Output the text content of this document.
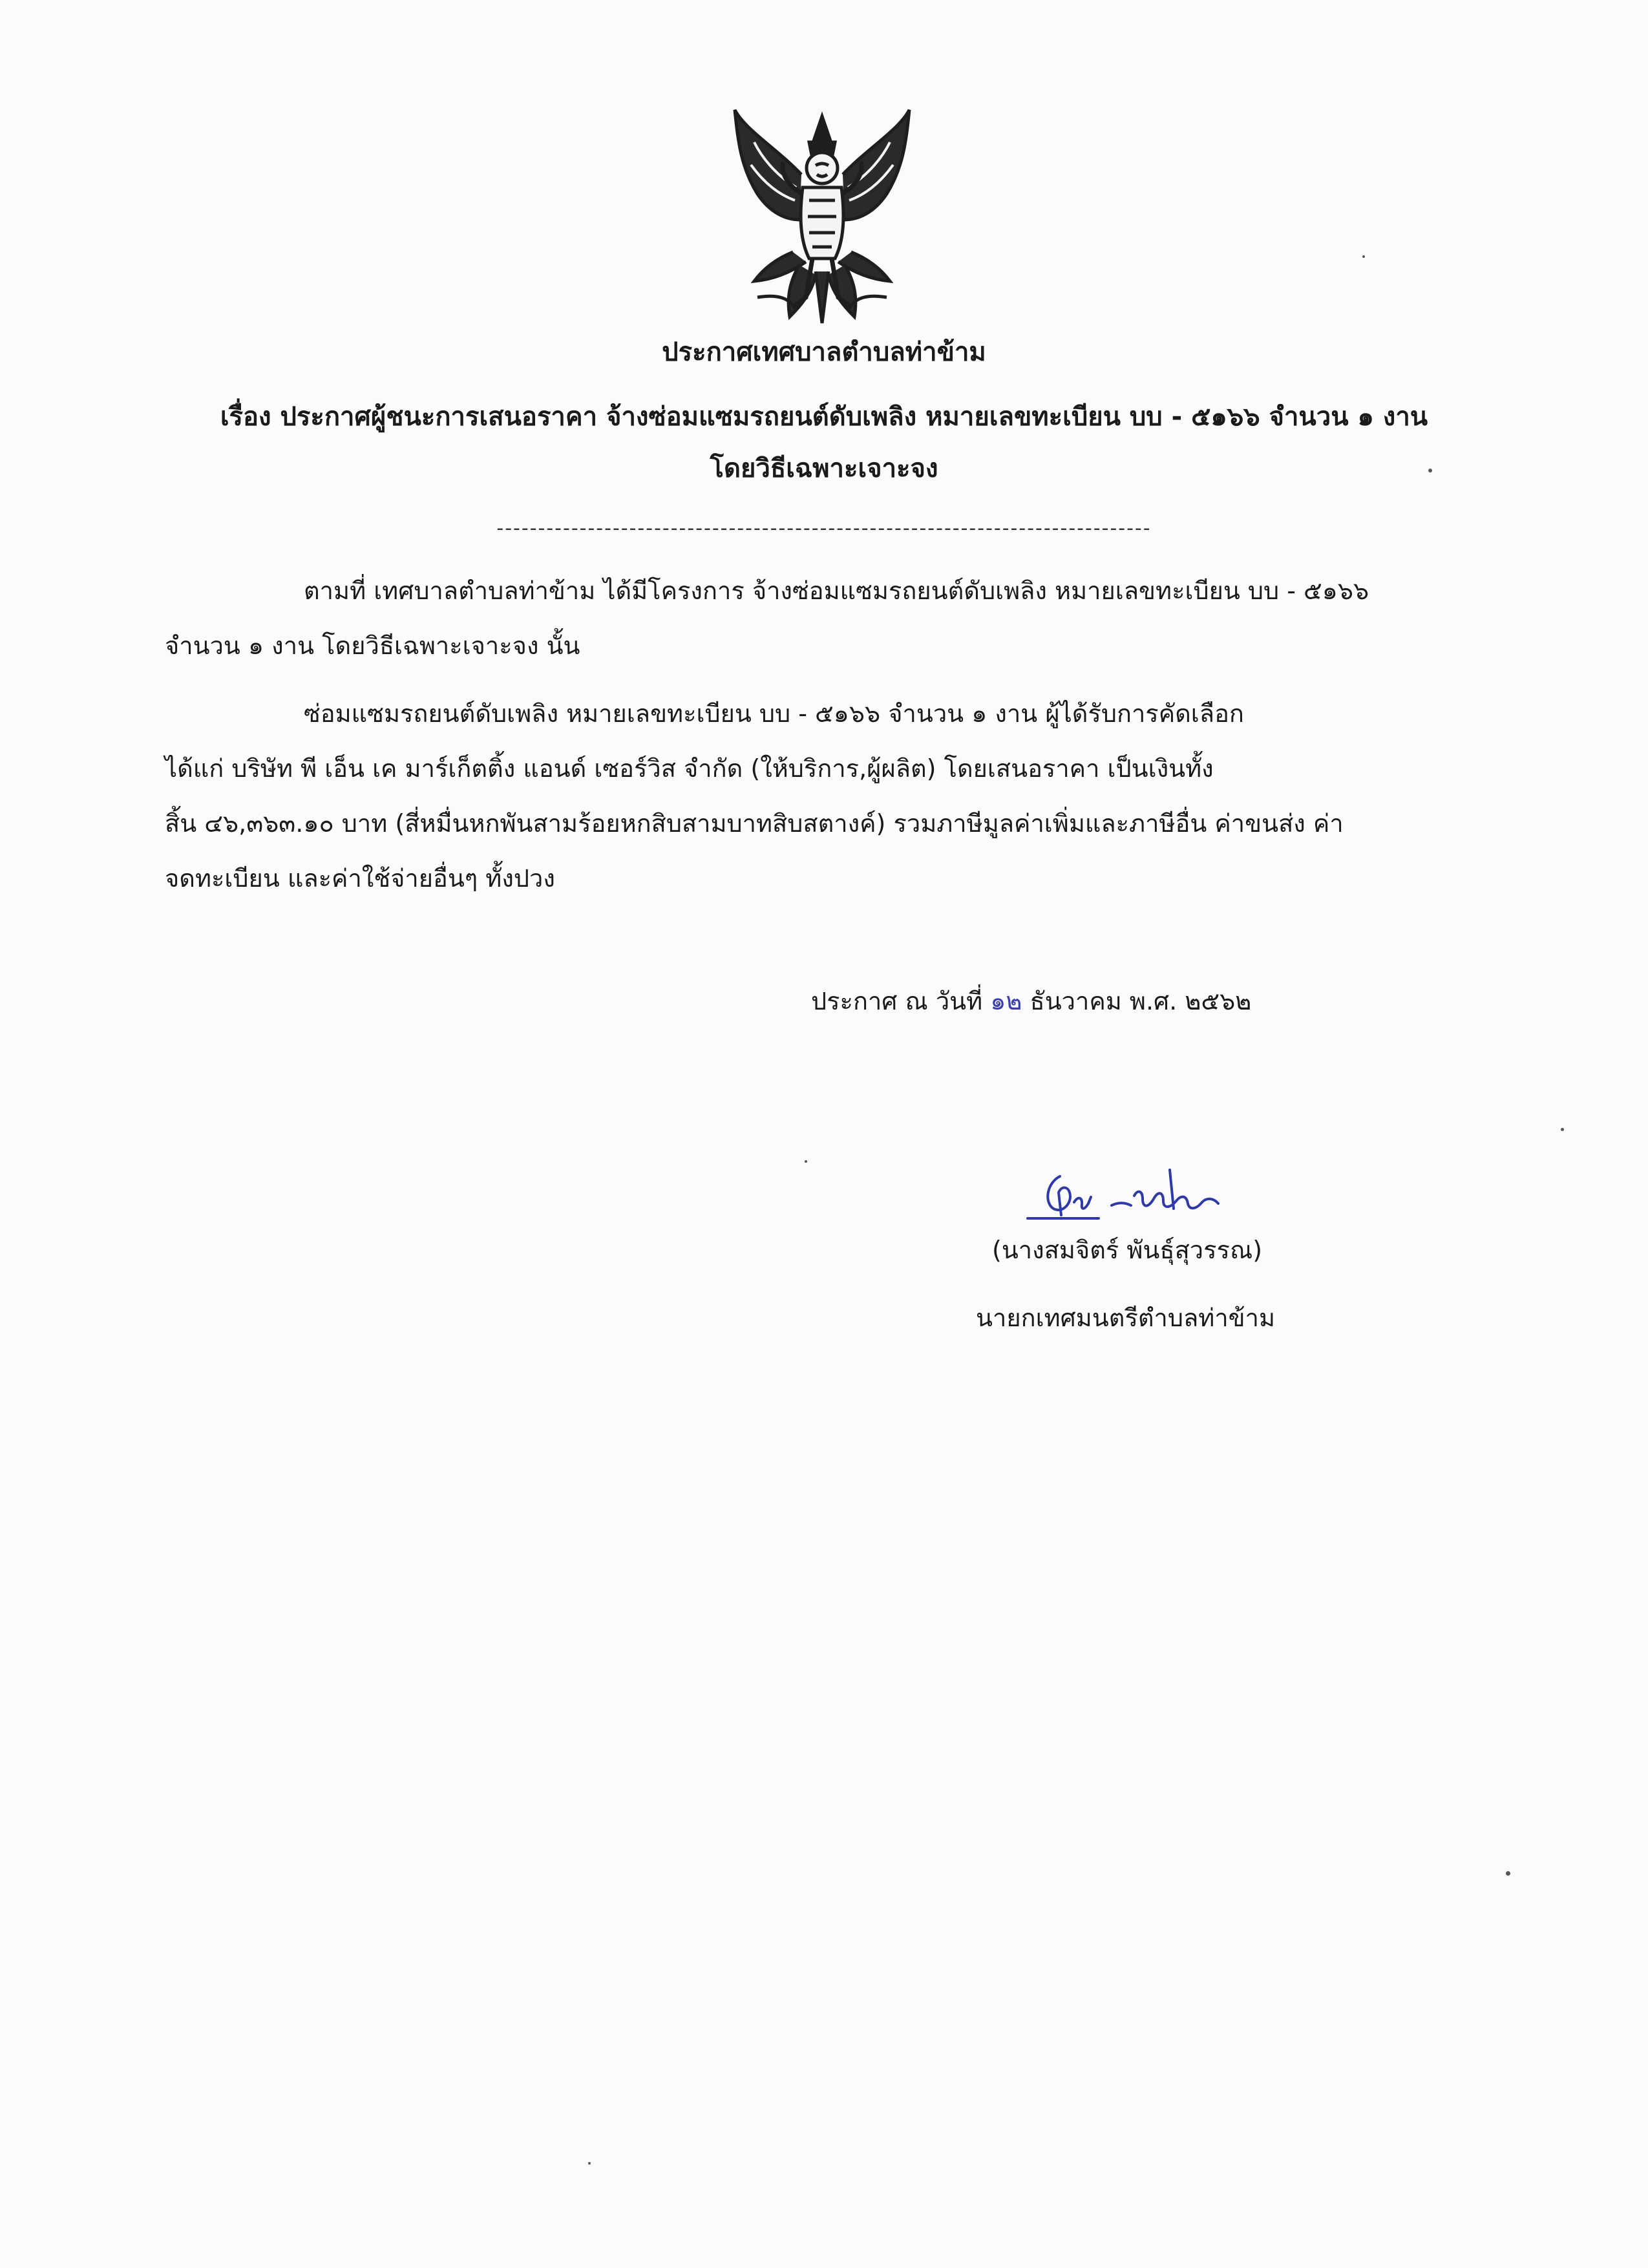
ประกาศเทศบาลตำบลท่าข้าม
เรื่อง ประกาศผู้ชนะการเสนอราคา จ้างซ่อมแซมรถยนต์ดับเพลิง หมายเลขทะเบียน บบ - ๕๑๖๖ จำนวน ๑ งาน
โดยวิธีเฉพาะเจาะจง
-------------------------------------------------------------------------------
ตามที่ เทศบาลตำบลท่าข้าม ได้มีโครงการ จ้างซ่อมแซมรถยนต์ดับเพลิง หมายเลขทะเบียน บบ - ๕๑๖๖
จำนวน ๑ งาน โดยวิธีเฉพาะเจาะจง นั้น
ซ่อมแซมรถยนต์ดับเพลิง หมายเลขทะเบียน บบ - ๕๑๖๖ จำนวน ๑ งาน ผู้ได้รับการคัดเลือก
ได้แก่ บริษัท พี เอ็น เค มาร์เก็ตติ้ง แอนด์ เซอร์วิส จำกัด (ให้บริการ,ผู้ผลิต) โดยเสนอราคา เป็นเงินทั้ง
สิ้น ๔๖,๓๖๓.๑๐ บาท (สี่หมื่นหกพันสามร้อยหกสิบสามบาทสิบสตางค์) รวมภาษีมูลค่าเพิ่มและภาษีอื่น ค่าขนส่ง ค่า
จดทะเบียน และค่าใช้จ่ายอื่นๆ ทั้งปวง
ประกาศ ณ วันที่ ๑๒ ธันวาคม พ.ศ. ๒๕๖๒
(นางสมจิตร์ พันธุ์สุวรรณ)
นายกเทศมนตรีตำบลท่าข้าม
